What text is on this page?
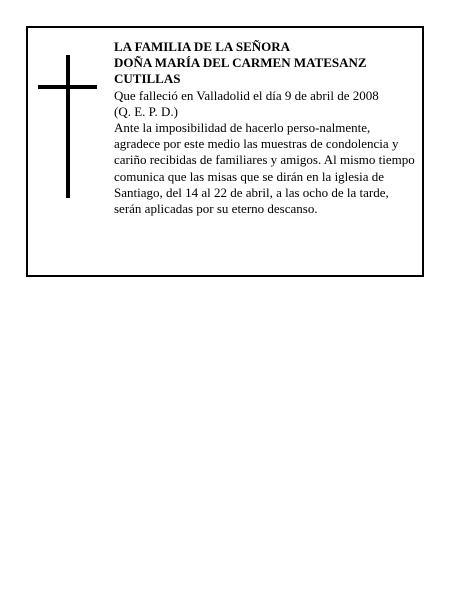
LA FAMILIA DE LA SEÑORA
DOÑA MARÍA DEL CARMEN MATESANZ
CUTILLAS
Que falleció en Valladolid el día 9 de abril de 2008
(Q. E. P. D.)
Ante la imposibilidad de hacerlo perso-nalmente, agradece por este medio las muestras de condolencia y cariño recibidas de familiares y amigos. Al mismo tiempo comunica que las misas que se dirán en la iglesia de Santiago, del 14 al 22 de abril, a las ocho de la tarde, serán aplicadas por su eterno descanso.
